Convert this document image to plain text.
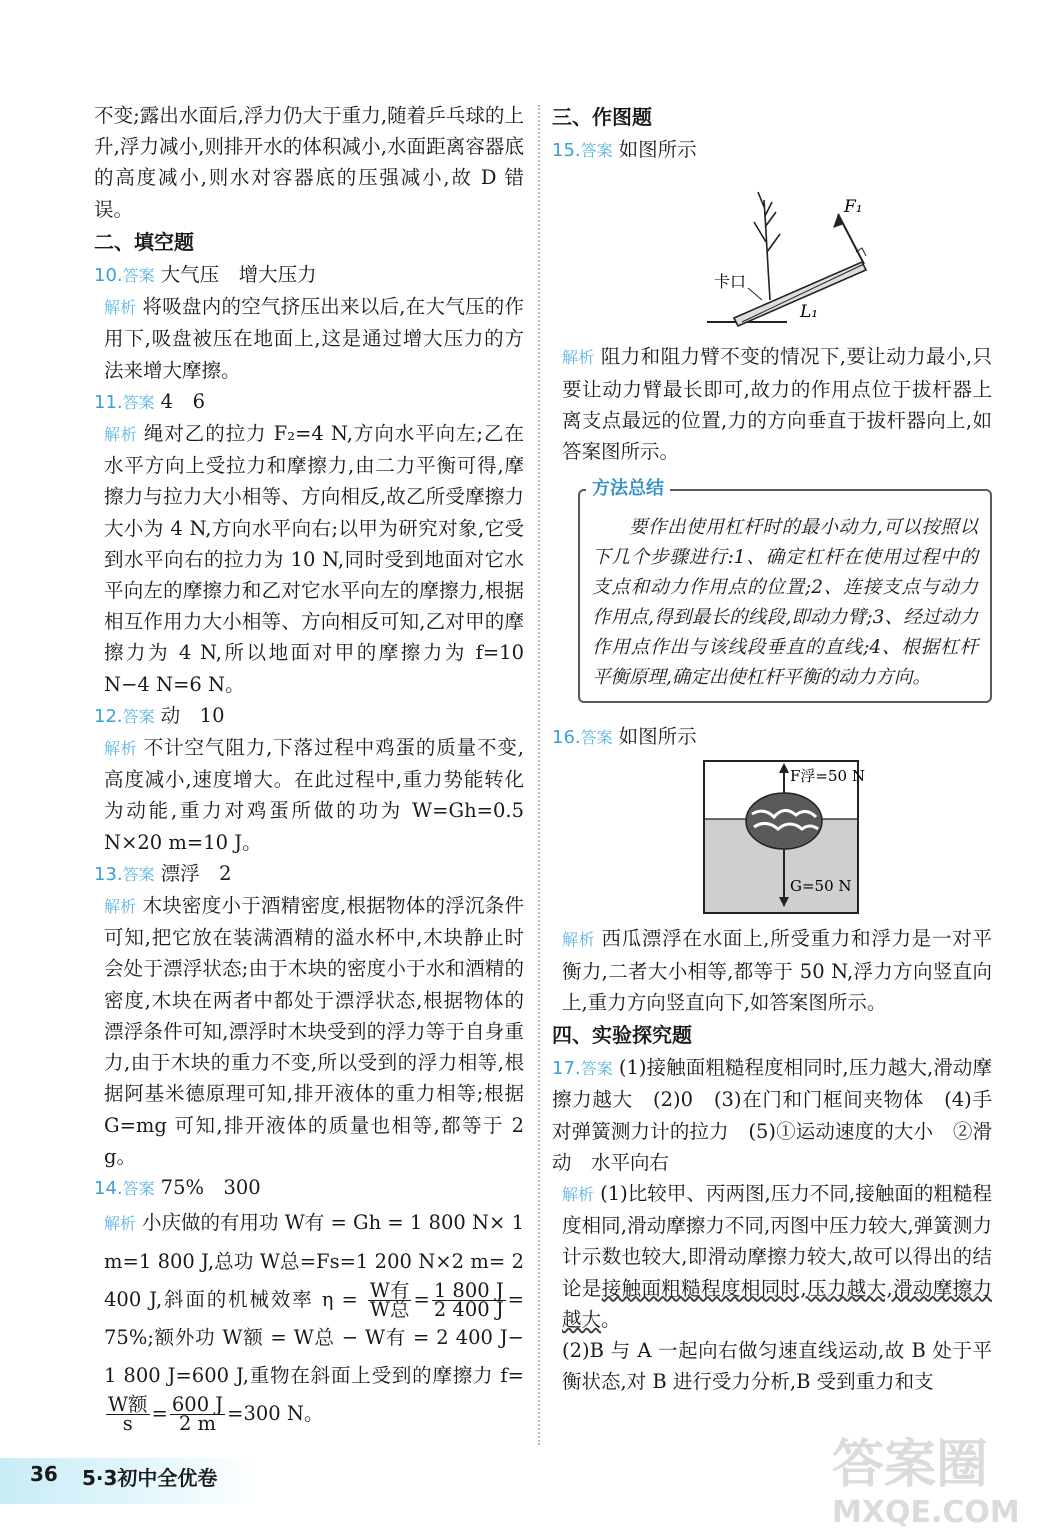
不变;露出水面后,浮力仍大于重力,随着乒乓球的上升,浮力减小,则排开水的体积减小,水面距离容器底的高度减小,则水对容器底的压强减小,故 D 错误。

二、填空题

10.答案 大气压　增大压力

解析 将吸盘内的空气挤压出来以后,在大气压的作用下,吸盘被压在地面上,这是通过增大压力的方法来增大摩擦。

11.答案 4　6

解析 绳对乙的拉力 F₂=4 N,方向水平向左;乙在水平方向上受拉力和摩擦力,由二力平衡可得,摩擦力与拉力大小相等、方向相反,故乙所受摩擦力大小为 4 N,方向水平向右;以甲为研究对象,它受到水平向右的拉力为 10 N,同时受到地面对它水平向左的摩擦力和乙对它水平向左的摩擦力,根据相互作用力大小相等、方向相反可知,乙对甲的摩擦力为 4 N,所以地面对甲的摩擦力为 f=10 N−4 N=6 N。

12.答案 动　10

解析 不计空气阻力,下落过程中鸡蛋的质量不变,高度减小,速度增大。在此过程中,重力势能转化为动能,重力对鸡蛋所做的功为 W=Gh=0.5 N×20 m=10 J。

13.答案 漂浮　2

解析 木块密度小于酒精密度,根据物体的浮沉条件可知,把它放在装满酒精的溢水杯中,木块静止时会处于漂浮状态;由于木块的密度小于水和酒精的密度,木块在两者中都处于漂浮状态,根据物体的漂浮条件可知,漂浮时木块受到的浮力等于自身重力,由于木块的重力不变,所以受到的浮力相等,根据阿基米德原理可知,排开液体的重力相等;根据 G=mg 可知,排开液体的质量也相等,都等于 2 g。

14.答案 75%　300

解析 小庆做的有用功 W有 = Gh = 1 800 N× 1 m=1 800 J,总功 W总=Fs=1 200 N×2 m= 2 400 J,斜面的机械效率 $\eta = \frac{\text{W有}}{\text{W总}} = \frac{1 800 J}{2 400 J} = 75\%$;额外功 W额 = W总 − W有 = 2 400 J− 1 800 J=600 J,重物在斜面上受到的摩擦力 f=
$\frac{\text{W额}}{s} = \frac{600 J}{2 m} =300$ N。

三、作图题

15.答案 如图所示

F₁
卡口
L₁

解析 阻力和阻力臂不变的情况下,要让动力最小,只要让动力臂最长即可,故力的作用点位于拔杆器上离支点最远的位置,力的方向垂直于拔杆器向上,如答案图所示。

方法总结

要作出使用杠杆时的最小动力,可以按照以下几个步骤进行:1、确定杠杆在使用过程中的支点和动力作用点的位置;2、连接支点与动力作用点,得到最长的线段,即动力臂;3、经过动力作用点作出与该线段垂直的直线;4、根据杠杆平衡原理,确定出使杠杆平衡的动力方向。

16.答案 如图所示

F浮=50 N
G=50 N

解析 西瓜漂浮在水面上,所受重力和浮力是一对平衡力,二者大小相等,都等于 50 N,浮力方向竖直向上,重力方向竖直向下,如答案图所示。

四、实验探究题

17.答案 (1)接触面粗糙程度相同时,压力越大,滑动摩擦力越大　(2)0　(3)在门和门框间夹物体　(4)手对弹簧测力计的拉力　(5)①运动速度的大小　②滑动　水平向右

解析 (1)比较甲、丙两图,压力不同,接触面的粗糙程度相同,滑动摩擦力不同,丙图中压力较大,弹簧测力计示数也较大,即滑动摩擦力较大,故可以得出的结论是接触面粗糙程度相同时,压力越大,滑动摩擦力越大。

(2)B 与 A 一起向右做匀速直线运动,故 B 处于平衡状态,对 B 进行受力分析,B 受到重力和支

36 5·3初中全优卷	答案圈
MXQE.COM
